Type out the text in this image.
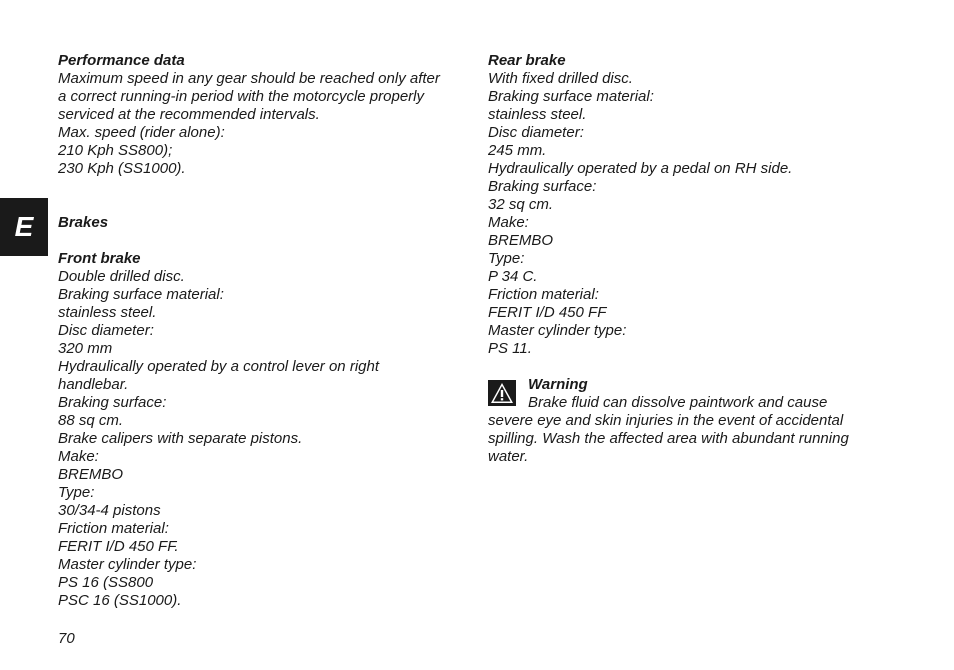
E
Performance data
Maximum speed in any gear should be reached only after
a correct running-in period with the motorcycle properly
serviced at the recommended intervals.
Max. speed (rider alone):
210 Kph SS800);
230 Kph (SS1000).
Brakes
Front brake
Double drilled disc.
Braking surface material:
stainless steel.
Disc diameter:
320 mm
Hydraulically operated by a control lever on right
handlebar.
Braking surface:
88 sq cm.
Brake calipers with separate pistons.
Make:
BREMBO
Type:
30/34-4 pistons
Friction material:
FERIT I/D 450 FF.
Master cylinder type:
PS 16 (SS800
PSC 16 (SS1000).
Rear brake
With fixed drilled disc.
Braking surface material:
stainless steel.
Disc diameter:
245 mm.
Hydraulically operated by a pedal on RH side.
Braking surface:
32 sq cm.
Make:
BREMBO
Type:
P 34 C.
Friction material:
FERIT I/D 450 FF
Master cylinder type:
PS 11.
Warning
Brake fluid can dissolve paintwork and cause
severe eye and skin injuries in the event of accidental
spilling. Wash the affected area with abundant running
water.
70
